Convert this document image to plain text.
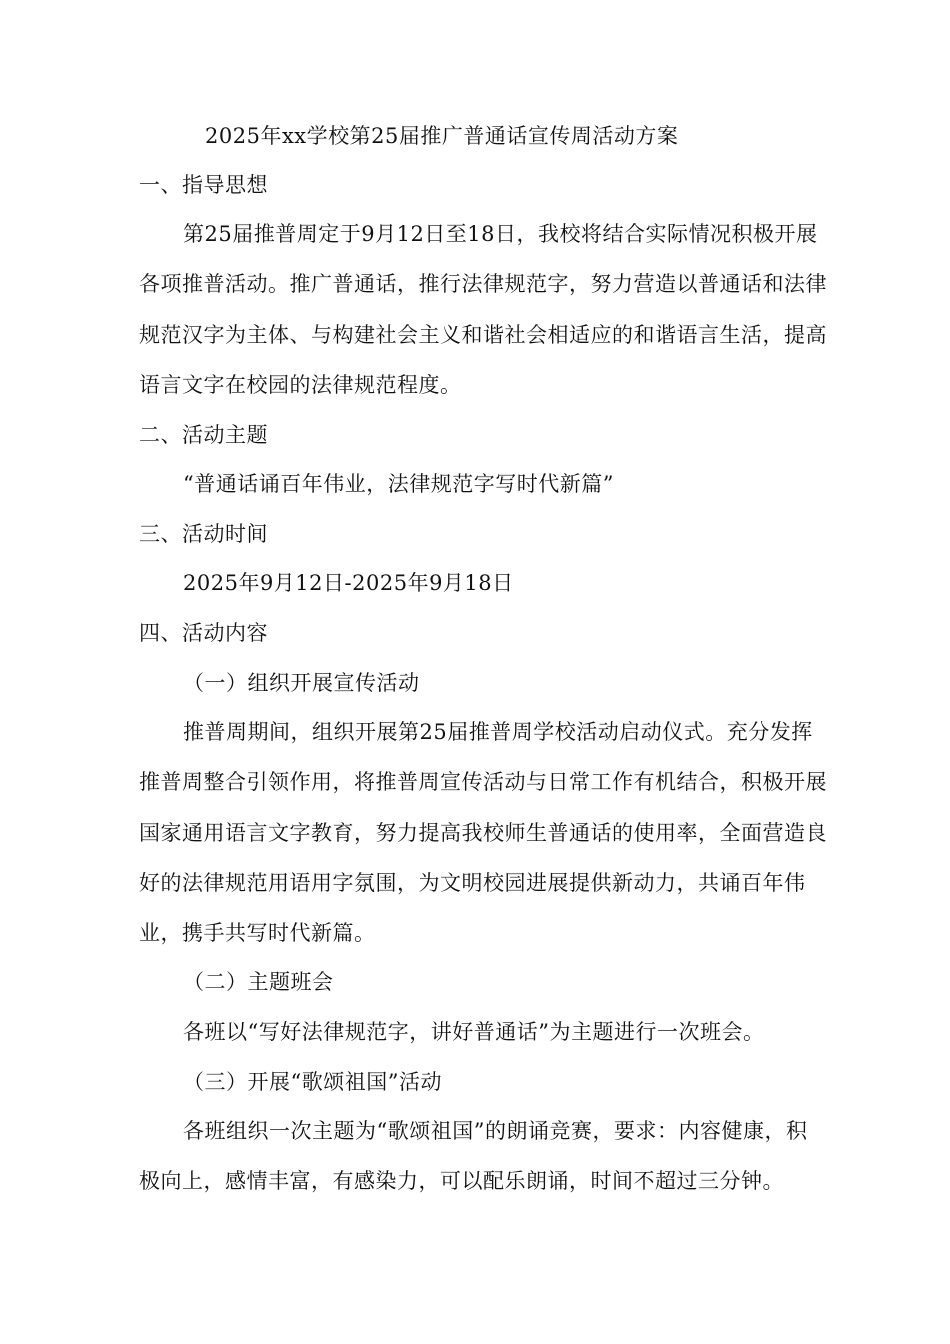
2025年xx学校第25届推广普通话宣传周活动方案
一、指导思想
第25届推普周定于9月12日至18日，我校将结合实际情况积极开展
各项推普活动。推广普通话，推行法律规范字，努力营造以普通话和法律
规范汉字为主体、与构建社会主义和谐社会相适应的和谐语言生活，提高
语言文字在校园的法律规范程度。
二、活动主题
“普通话诵百年伟业，法律规范字写时代新篇”
三、活动时间
2025年9月12日-2025年9月18日
四、活动内容
（一）组织开展宣传活动
推普周期间，组织开展第25届推普周学校活动启动仪式。充分发挥
推普周整合引领作用，将推普周宣传活动与日常工作有机结合，积极开展
国家通用语言文字教育，努力提高我校师生普通话的使用率，全面营造良
好的法律规范用语用字氛围，为文明校园进展提供新动力，共诵百年伟
业，携手共写时代新篇。
（二）主题班会
各班以“写好法律规范字，讲好普通话”为主题进行一次班会。
（三）开展“歌颂祖国”活动
各班组织一次主题为“歌颂祖国”的朗诵竞赛，要求：内容健康，积
极向上，感情丰富，有感染力，可以配乐朗诵，时间不超过三分钟。
